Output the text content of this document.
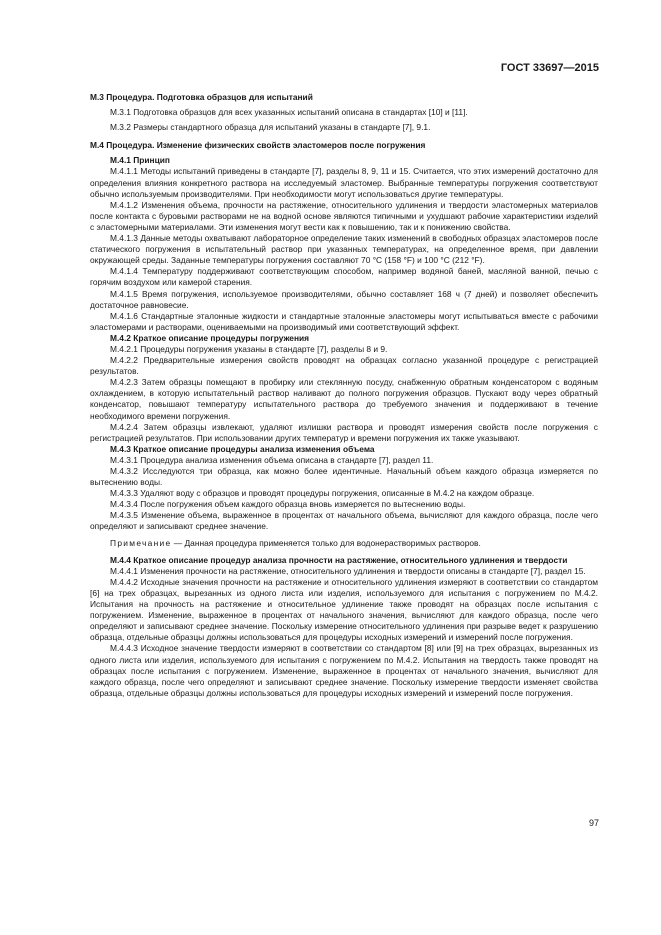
ГОСТ 33697—2015

М.3 Процедура. Подготовка образцов для испытаний

М.3.1 Подготовка образцов для всех указанных испытаний описана в стандартах [10] и [11].

М.3.2 Размеры стандартного образца для испытаний указаны в стандарте [7], 9.1.

М.4 Процедура. Изменение физических свойств эластомеров после погружения

М.4.1 Принцип

М.4.1.1 Методы испытаний приведены в стандарте [7], разделы 8, 9, 11 и 15. Считается, что этих измерений достаточно для определения влияния конкретного раствора на исследуемый эластомер. Выбранные температуры погружения соответствуют обычно используемым производителями. При необходимости могут использоваться другие температуры.

М.4.1.2 Изменения объема, прочности на растяжение, относительного удлинения и твердости эластомерных материалов после контакта с буровыми растворами не на водной основе являются типичными и ухудшают рабочие характеристики изделий с эластомерными материалами. Эти изменения могут вести как к повышению, так и к понижению свойства.

М.4.1.3 Данные методы охватывают лабораторное определение таких изменений в свободных образцах эластомеров после статического погружения в испытательный раствор при указанных температурах, на определенное время, при давлении окружающей среды. Заданные температуры погружения составляют 70 °С (158 °F) и 100 °С (212 °F).

М.4.1.4 Температуру поддерживают соответствующим способом, например водяной баней, масляной ванной, печью с горячим воздухом или камерой старения.

М.4.1.5 Время погружения, используемое производителями, обычно составляет 168 ч (7 дней) и позволяет обеспечить достаточное равновесие.

М.4.1.6 Стандартные эталонные жидкости и стандартные эталонные эластомеры могут испытываться вместе с рабочими эластомерами и растворами, оцениваемыми на производимый ими соответствующий эффект.

М.4.2 Краткое описание процедуры погружения

М.4.2.1 Процедуры погружения указаны в стандарте [7], разделы 8 и 9.

М.4.2.2 Предварительные измерения свойств проводят на образцах согласно указанной процедуре с регистрацией результатов.

М.4.2.3 Затем образцы помещают в пробирку или стеклянную посуду, снабженную обратным конденсатором с водяным охлаждением, в которую испытательный раствор наливают до полного погружения образцов. Пускают воду через обратный конденсатор, повышают температуру испытательного раствора до требуемого значения и поддерживают в течение необходимого времени погружения.

М.4.2.4 Затем образцы извлекают, удаляют излишки раствора и проводят измерения свойств после погружения с регистрацией результатов. При использовании других температур и времени погружения их также указывают.

М.4.3 Краткое описание процедуры анализа изменения объема

М.4.3.1 Процедура анализа изменения объема описана в стандарте [7], раздел 11.

М.4.3.2 Исследуются три образца, как можно более идентичные. Начальный объем каждого образца измеряется по вытеснению воды.

М.4.3.3 Удаляют воду с образцов и проводят процедуры погружения, описанные в М.4.2 на каждом образце.

М.4.3.4 После погружения объем каждого образца вновь измеряется по вытеснению воды.

М.4.3.5 Изменение объема, выраженное в процентах от начального объема, вычисляют для каждого образца, после чего определяют и записывают среднее значение.

Примечание — Данная процедура применяется только для водонерастворимых растворов.

М.4.4 Краткое описание процедур анализа прочности на растяжение, относительного удлинения и твердости

М.4.4.1 Изменения прочности на растяжение, относительного удлинения и твердости описаны в стандарте [7], раздел 15.

М.4.4.2 Исходные значения прочности на растяжение и относительного удлинения измеряют в соответствии со стандартом [6] на трех образцах, вырезанных из одного листа или изделия, используемого для испытания с погружением по М.4.2. Испытания на прочность на растяжение и относительное удлинение также проводят на образцах после испытания с погружением. Изменение, выраженное в процентах от начального значения, вычисляют для каждого образца, после чего определяют и записывают среднее значение. Поскольку измерение относительного удлинения при разрыве ведет к разрушению образца, отдельные образцы должны использоваться для процедуры исходных измерений и измерений после погружения.

М.4.4.3 Исходное значение твердости измеряют в соответствии со стандартом [8] или [9] на трех образцах, вырезанных из одного листа или изделия, используемого для испытания с погружением по М.4.2. Испытания на твердость также проводят на образцах после испытания с погружением. Изменение, выраженное в процентах от начального значения, вычисляют для каждого образца, после чего определяют и записывают среднее значение. Поскольку измерение твердости изменяет свойства образца, отдельные образцы должны использоваться для процедуры исходных измерений и измерений после погружения.

97
